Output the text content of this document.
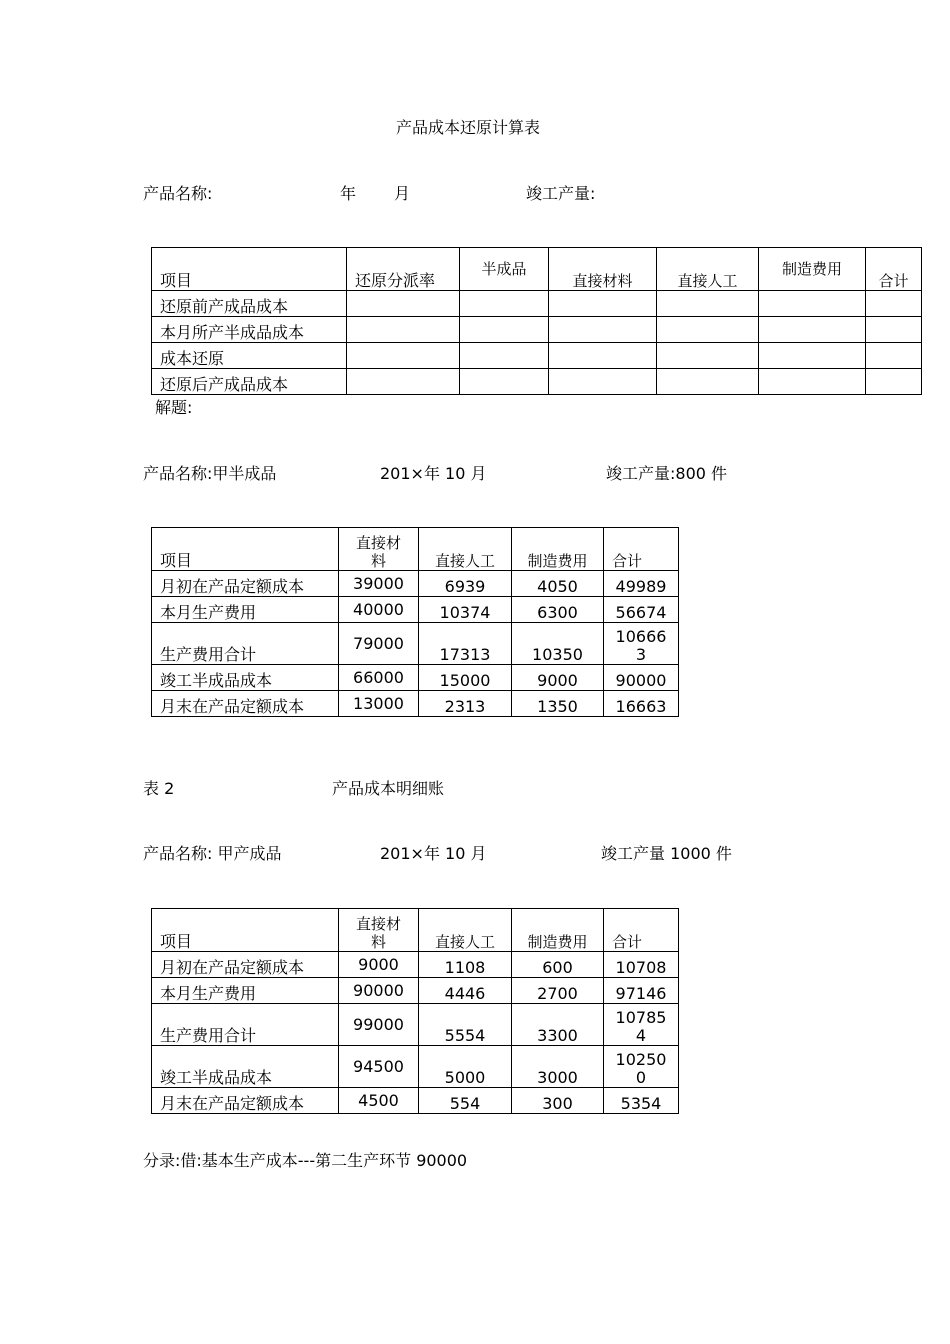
产品成本还原计算表
产品名称:	年 月	竣工产量:
项目	还原分派率	半成品	直接材料	直接人工	制造费用	合计
还原前产成品成本						
本月所产半成品成本						
成本还原						
还原后产成品成本						
解题:
产品名称:甲半成品	201×年 10 月	竣工产量:800 件
项目	直接材料	直接人工	制造费用	合计
月初在产品定额成本	39000	6939	4050	49989
本月生产费用	40000	10374	6300	56674
生产费用合计	79000	17313	10350	106663
竣工半成品成本	66000	15000	9000	90000
月末在产品定额成本	13000	2313	1350	16663
表 2	产品成本明细账
产品名称: 甲产成品	201×年 10 月	竣工产量 1000 件
项目	直接材料	直接人工	制造费用	合计
月初在产品定额成本	9000	1108	600	10708
本月生产费用	90000	4446	2700	97146
生产费用合计	99000	5554	3300	107854
竣工半成品成本	94500	5000	3000	102500
月末在产品定额成本	4500	554	300	5354
分录:借:基本生产成本---第二生产环节 90000
